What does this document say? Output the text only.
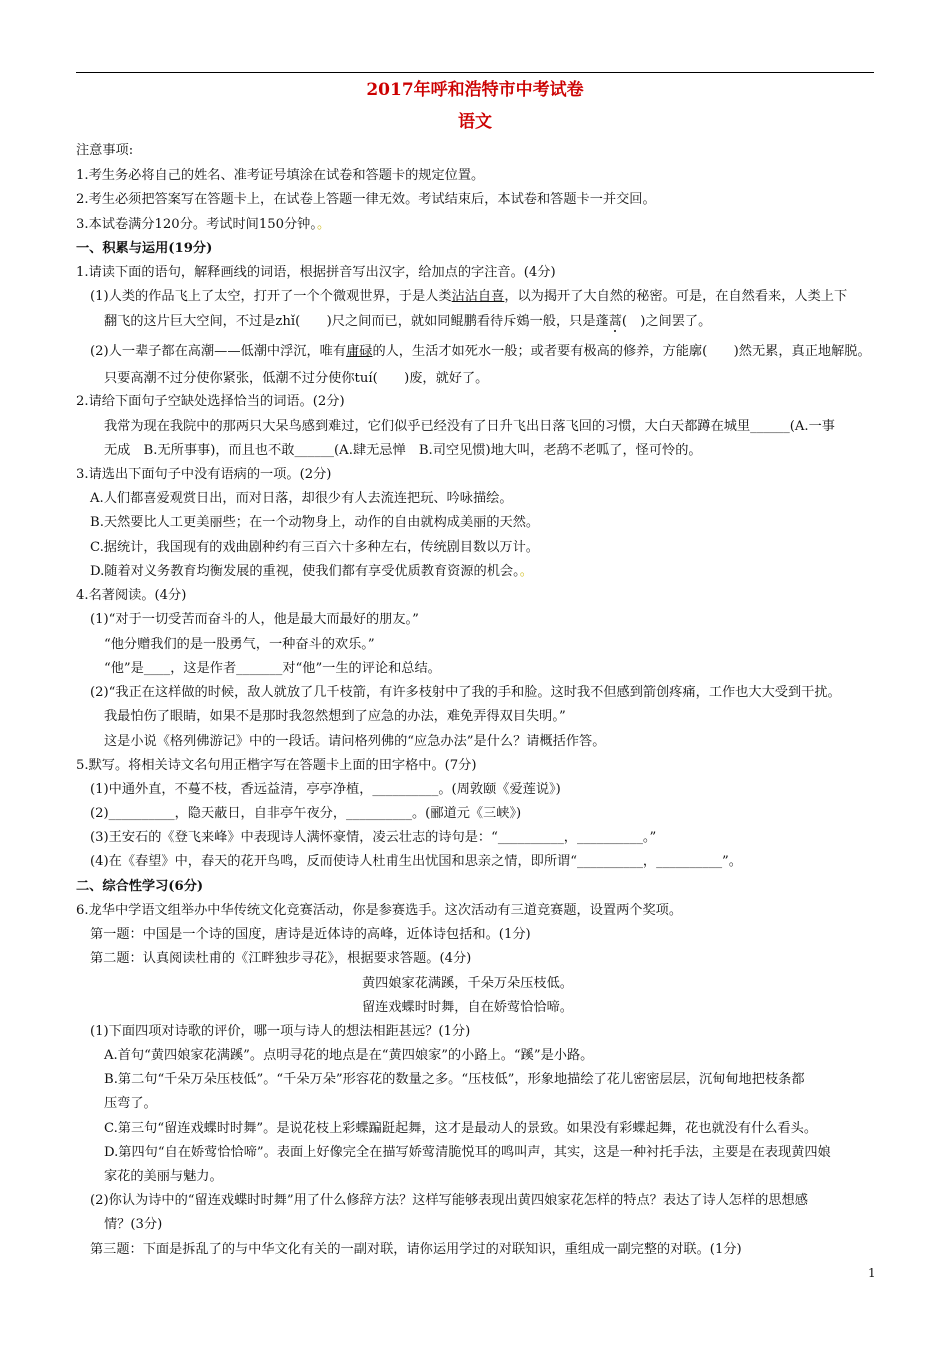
2017年呼和浩特市中考试卷
语文
注意事项:
1.考生务必将自己的姓名、准考证号填涂在试卷和答题卡的规定位置。
2.考生必须把答案写在答题卡上，在试卷上答题一律无效。考试结束后，本试卷和答题卡一并交回。
3.本试卷满分120分。考试时间150分钟。。
一、积累与运用(19分)
1.请读下面的语句，解释画线的词语，根据拼音写出汉字，给加点的字注音。(4分)
(1)人类的作品飞上了太空，打开了一个个微观世界，于是人类沾沾自喜，以为揭开了大自然的秘密。可是，在自然看来，人类上下
翻飞的这片巨大空间，不过是zhǐ(　　)尺之间而已，就如同鲲鹏看待斥鴳一般，只是蓬蒿(　)之间罢了。
(2)人一辈子都在高潮——低潮中浮沉，唯有庸碌的人，生活才如死水一般；或者要有极高的修养，方能廓(　　)然无累，真正地解脱。
只要高潮不过分使你紧张，低潮不过分使你tuí(　　)废，就好了。
2.请给下面句子空缺处选择恰当的词语。(2分)
我常为现在我院中的那两只大呆鸟感到难过，它们似乎已经没有了日升飞出日落飞回的习惯，大白天都蹲在城里______(A.一事
无成　B.无所事事)，而且也不敢______(A.肆无忌惮　B.司空见惯)地大叫，老鸹不老呱了，怪可怜的。
3.请选出下面句子中没有语病的一项。(2分)
A.人们都喜爱观赏日出，而对日落，却很少有人去流连把玩、吟咏描绘。
B.天然要比人工更美丽些；在一个动物身上，动作的自由就构成美丽的天然。
C.据统计，我国现有的戏曲剧种约有三百六十多种左右，传统剧目数以万计。
D.随着对义务教育均衡发展的重视，使我们都有享受优质教育资源的机会。。
4.名著阅读。(4分)
(1)“对于一切受苦而奋斗的人，他是最大而最好的朋友。”
“他分赠我们的是一股勇气，一种奋斗的欢乐。”
“他”是____，这是作者_______对“他”一生的评论和总结。
(2)“我正在这样做的时候，敌人就放了几千枝箭，有许多枝射中了我的手和脸。这时我不但感到箭创疼痛，工作也大大受到干扰。
我最怕伤了眼睛，如果不是那时我忽然想到了应急的办法，难免弄得双目失明。”
这是小说《格列佛游记》中的一段话。请问格列佛的“应急办法”是什么？请概括作答。
5.默写。将相关诗文名句用正楷字写在答题卡上面的田字格中。(7分)
(1)中通外直，不蔓不枝，香远益清，亭亭净植，__________。(周敦颐《爱莲说》)
(2)__________，隐天蔽日，自非亭午夜分，__________。(郦道元《三峡》)
(3)王安石的《登飞来峰》中表现诗人满怀豪情，凌云壮志的诗句是：“__________，__________。”
(4)在《春望》中，春天的花开鸟鸣，反而使诗人杜甫生出忧国和思亲之情，即所谓“__________，__________”。
二、综合性学习(6分)
6.龙华中学语文组举办中华传统文化竞赛活动，你是参赛选手。这次活动有三道竞赛题，设置两个奖项。
第一题：中国是一个诗的国度，唐诗是近体诗的高峰，近体诗包括和。(1分)
第二题：认真阅读杜甫的《江畔独步寻花》，根据要求答题。(4分)
黄四娘家花满蹊，千朵万朵压枝低。
留连戏蝶时时舞，自在娇莺恰恰啼。
(1)下面四项对诗歌的评价，哪一项与诗人的想法相距甚远？(1分)
A.首句“黄四娘家花满蹊”。点明寻花的地点是在“黄四娘家”的小路上。“蹊”是小路。
B.第二句“千朵万朵压枝低”。“千朵万朵”形容花的数量之多。“压枝低”，形象地描绘了花儿密密层层，沉甸甸地把枝条都
压弯了。
C.第三句“留连戏蝶时时舞”。是说花枝上彩蝶蹁跹起舞，这才是最动人的景致。如果没有彩蝶起舞，花也就没有什么看头。
D.第四句“自在娇莺恰恰啼”。表面上好像完全在描写娇莺清脆悦耳的鸣叫声，其实，这是一种衬托手法，主要是在表现黄四娘
家花的美丽与魅力。
(2)你认为诗中的“留连戏蝶时时舞”用了什么修辞方法？这样写能够表现出黄四娘家花怎样的特点？表达了诗人怎样的思想感
情？(3分)
第三题：下面是拆乱了的与中华文化有关的一副对联，请你运用学过的对联知识，重组成一副完整的对联。(1分)
1
